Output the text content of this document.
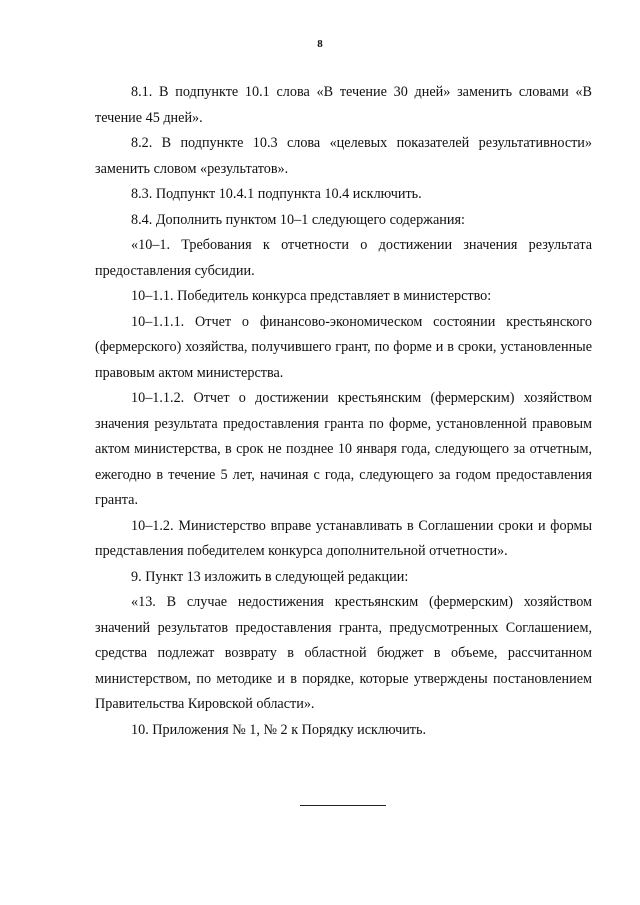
8

8.1. В подпункте 10.1 слова «В течение 30 дней» заменить словами «В течение 45 дней».

8.2. В подпункте 10.3 слова «целевых показателей результативности» заменить словом «результатов».

8.3. Подпункт 10.4.1 подпункта 10.4 исключить.

8.4. Дополнить пунктом 10–1 следующего содержания:

«10–1. Требования к отчетности о достижении значения результата предоставления субсидии.

10–1.1. Победитель конкурса представляет в министерство:

10–1.1.1. Отчет о финансово-экономическом состоянии крестьянского (фермерского) хозяйства, получившего грант, по форме и в сроки, установленные правовым актом министерства.

10–1.1.2. Отчет о достижении крестьянским (фермерским) хозяйством значения результата предоставления гранта по форме, установленной правовым актом министерства, в срок не позднее 10 января года, следующего за отчетным, ежегодно в течение 5 лет, начиная с года, следующего за годом предоставления гранта.

10–1.2. Министерство вправе устанавливать в Соглашении сроки и формы представления победителем конкурса дополнительной отчетности».

9. Пункт 13 изложить в следующей редакции:

«13. В случае недостижения крестьянским (фермерским) хозяйством значений результатов предоставления гранта, предусмотренных Соглашением, средства подлежат возврату в областной бюджет в объеме, рассчитанном министерством, по методике и в порядке, которые утверждены постановлением Правительства Кировской области».

10. Приложения № 1, № 2 к Порядку исключить.
